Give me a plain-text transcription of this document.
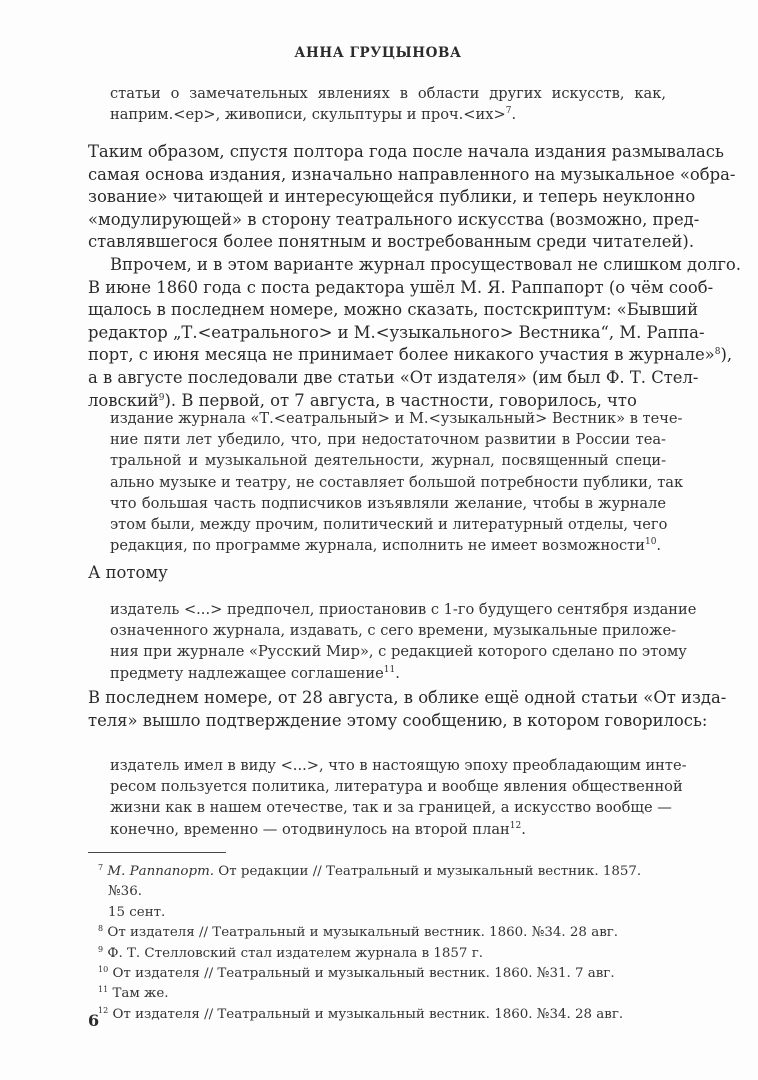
АННА ГРУЦЫНОВА
статьи о замечательных явлениях в области других искусств, как,
наприм.<ер>, живописи, скульптуры и проч.<их>$^7$.
Таким образом, спустя полтора года после начала издания размывалась
самая основа издания, изначально направленного на музыкальное «обра-
зование» читающей и интересующейся публики, и теперь неуклонно
«модулирующей» в сторону театрального искусства (возможно, пред-
ставлявшегося более понятным и востребованным среди читателей).
Впрочем, и в этом варианте журнал просуществовал не слишком долго.
В июне 1860 года с поста редактора ушёл М. Я. Раппапорт (о чём сооб-
щалось в последнем номере, можно сказать, постскриптум: «Бывший
редактор „Т.<еатрального> и М.<узыкального> Вестника“, М. Раппа-
порт, с июня месяца не принимает более никакого участия в журнале»$^8$),
а в августе последовали две статьи «От издателя» (им был Ф. Т. Стел-
ловский$^9$). В первой, от 7 августа, в частности, говорилось, что
издание журнала «Т.<еатральный> и М.<узыкальный> Вестник» в тече-
ние пяти лет убедило, что, при недостаточном развитии в России теа-
тральной и музыкальной деятельности, журнал, посвященный специ-
ально музыке и театру, не составляет большой потребности публики, так
что большая часть подписчиков изъявляли желание, чтобы в журнале
этом были, между прочим, политический и литературный отделы, чего
редакция, по программе журнала, исполнить не имеет возможности$^{10}$.
А потому
издатель <...> предпочел, приостановив с 1-го будущего сентября издание
означенного журнала, издавать, с сего времени, музыкальные приложе-
ния при журнале «Русский Мир», с редакцией которого сделано по этому
предмету надлежащее соглашение$^{11}$.
В последнем номере, от 28 августа, в облике ещё одной статьи «От изда-
теля» вышло подтверждение этому сообщению, в котором говорилось:
издатель имел в виду <...>, что в настоящую эпоху преобладающим инте-
ресом пользуется политика, литература и вообще явления общественной
жизни как в нашем отечестве, так и за границей, а искусство вообще —
конечно, временно — отодвинулось на второй план$^{12}$.
$^7$ М. Раппапорт. От редакции // Театральный и музыкальный вестник. 1857. №36.
15 сент.
$^8$ От издателя // Театральный и музыкальный вестник. 1860. №34. 28 авг.
$^9$ Ф. Т. Стелловский стал издателем журнала в 1857 г.
$^{10}$ От издателя // Театральный и музыкальный вестник. 1860. №31. 7 авг.
$^{11}$ Там же.
$^{12}$ От издателя // Театральный и музыкальный вестник. 1860. №34. 28 авг.
6
